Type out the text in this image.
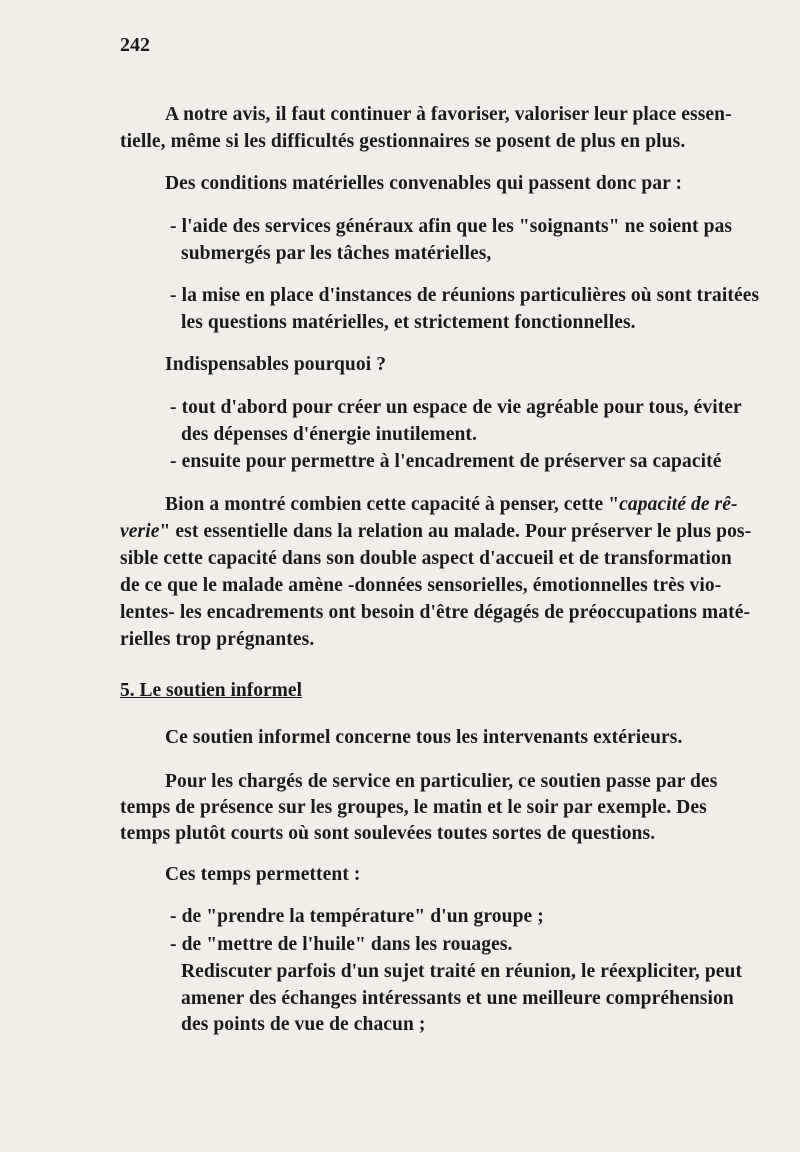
242
A notre avis, il faut continuer à favoriser, valoriser leur place essen-
tielle, même si les difficultés gestionnaires se posent de plus en plus.
Des conditions matérielles convenables qui passent donc par :
- l'aide des services généraux afin que les "soignants" ne soient pas
submergés par les tâches matérielles,
- la mise en place d'instances de réunions particulières où sont traitées
les questions matérielles, et strictement fonctionnelles.
Indispensables pourquoi ?
- tout d'abord pour créer un espace de vie agréable pour tous, éviter
des dépenses d'énergie inutilement.
- ensuite pour permettre à l'encadrement de préserver sa capacité
Bion a montré combien cette capacité à penser, cette "capacité de rê-
verie" est essentielle dans la relation au malade. Pour préserver le plus pos-
sible cette capacité dans son double aspect d'accueil et de transformation
de ce que le malade amène -données sensorielles, émotionnelles très vio-
lentes- les encadrements ont besoin d'être dégagés de préoccupations maté-
rielles trop prégnantes.
5. Le soutien informel
Ce soutien informel concerne tous les intervenants extérieurs.
Pour les chargés de service en particulier, ce soutien passe par des
temps de présence sur les groupes, le matin et le soir par exemple. Des
temps plutôt courts où sont soulevées toutes sortes de questions.
Ces temps permettent :
- de "prendre la température" d'un groupe ;
- de "mettre de l'huile" dans les rouages.
Rediscuter parfois d'un sujet traité en réunion, le réexpliciter, peut
amener des échanges intéressants et une meilleure compréhension
des points de vue de chacun ;
